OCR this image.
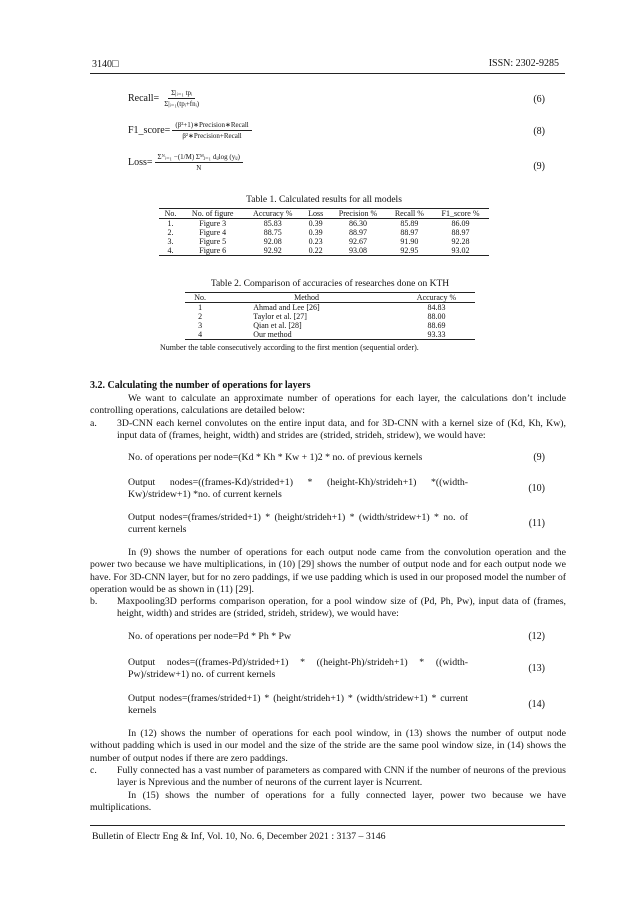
3140□	ISSN: 2302-9285
Recall= $\frac{\text{Σ|ᵢ₌₁ tpᵢ}}{\text{Σ|ᵢ₌₁(tpᵢ+fnᵢ)}}$	(6)
F1_score= $\frac{\text{(β²+1)∗Precision∗Recall}}{\text{β²∗Precision+Recall}}$	(8)
Loss= $\frac{\text{Σᴺᵢ₌₁ −(1/M) Σᴹⱼ₌₁ dᵢⱼlog (yᵢⱼ)}}{N}$	(9)
Table 1. Calculated results for all models
No.	No. of figure	Accuracy %	Loss	Precision %	Recall %	F1_score %
1.	Figure 3	85.83	0.39	86.30	85.89	86.09
2.	Figure 4	88.75	0.39	88.97	88.97	88.97
3.	Figure 5	92.08	0.23	92.67	91.90	92.28
4.	Figure 6	92.92	0.22	93.08	92.95	93.02
Table 2. Comparison of accuracies of researches done on KTH
No.	Method	Accuracy %
1	Ahmad and Lee [26]	84.83
2	Taylor et al. [27]	88.00
3	Qian et al. [28]	88.69
4	Our method	93.33
Number the table consecutively according to the first mention (sequential order).
3.2. Calculating the number of operations for layers
We want to calculate an approximate number of operations for each layer, the calculations don’t include controlling operations, calculations are detailed below:
a. 3D-CNN each kernel convolutes on the entire input data, and for 3D-CNN with a kernel size of (Kd, Kh, Kw), input data of (frames, height, width) and strides are (strided, strideh, stridew), we would have:
No. of operations per node=(Kd * Kh * Kw + 1)2 * no. of previous kernels	(9)
Output nodes=((frames-Kd)/strided+1) * (height-Kh)/strideh+1) *((width-Kw)/stridew+1) *no. of current kernels
(10)
Output nodes=(frames/strided+1) * (height/strideh+1) * (width/stridew+1) * no. of current kernels
(11)
In (9) shows the number of operations for each output node came from the convolution operation and the power two because we have multiplications, in (10) [29] shows the number of output node and for each output node we have. For 3D-CNN layer, but for no zero paddings, if we use padding which is used in our proposed model the number of operation would be as shown in (11) [29].
b. Maxpooling3D performs comparison operation, for a pool window size of (Pd, Ph, Pw), input data of (frames, height, width) and strides are (strided, strideh, stridew), we would have:
No. of operations per node=Pd * Ph * Pw	(12)
Output nodes=((frames-Pd)/strided+1) * ((height-Ph)/strideh+1) * ((width-Pw)/stridew+1) no. of current kernels
(13)
Output nodes=(frames/strided+1) * (height/strideh+1) * (width/stridew+1) * current kernels
(14)
In (12) shows the number of operations for each pool window, in (13) shows the number of output node without padding which is used in our model and the size of the stride are the same pool window size, in (14) shows the number of output nodes if there are zero paddings.
c. Fully connected has a vast number of parameters as compared with CNN if the number of neurons of the previous layer is Nprevious and the number of neurons of the current layer is Ncurrent.
In (15) shows the number of operations for a fully connected layer, power two because we have multiplications.
Bulletin of Electr Eng & Inf, Vol. 10, No. 6, December 2021 : 3137 – 3146
